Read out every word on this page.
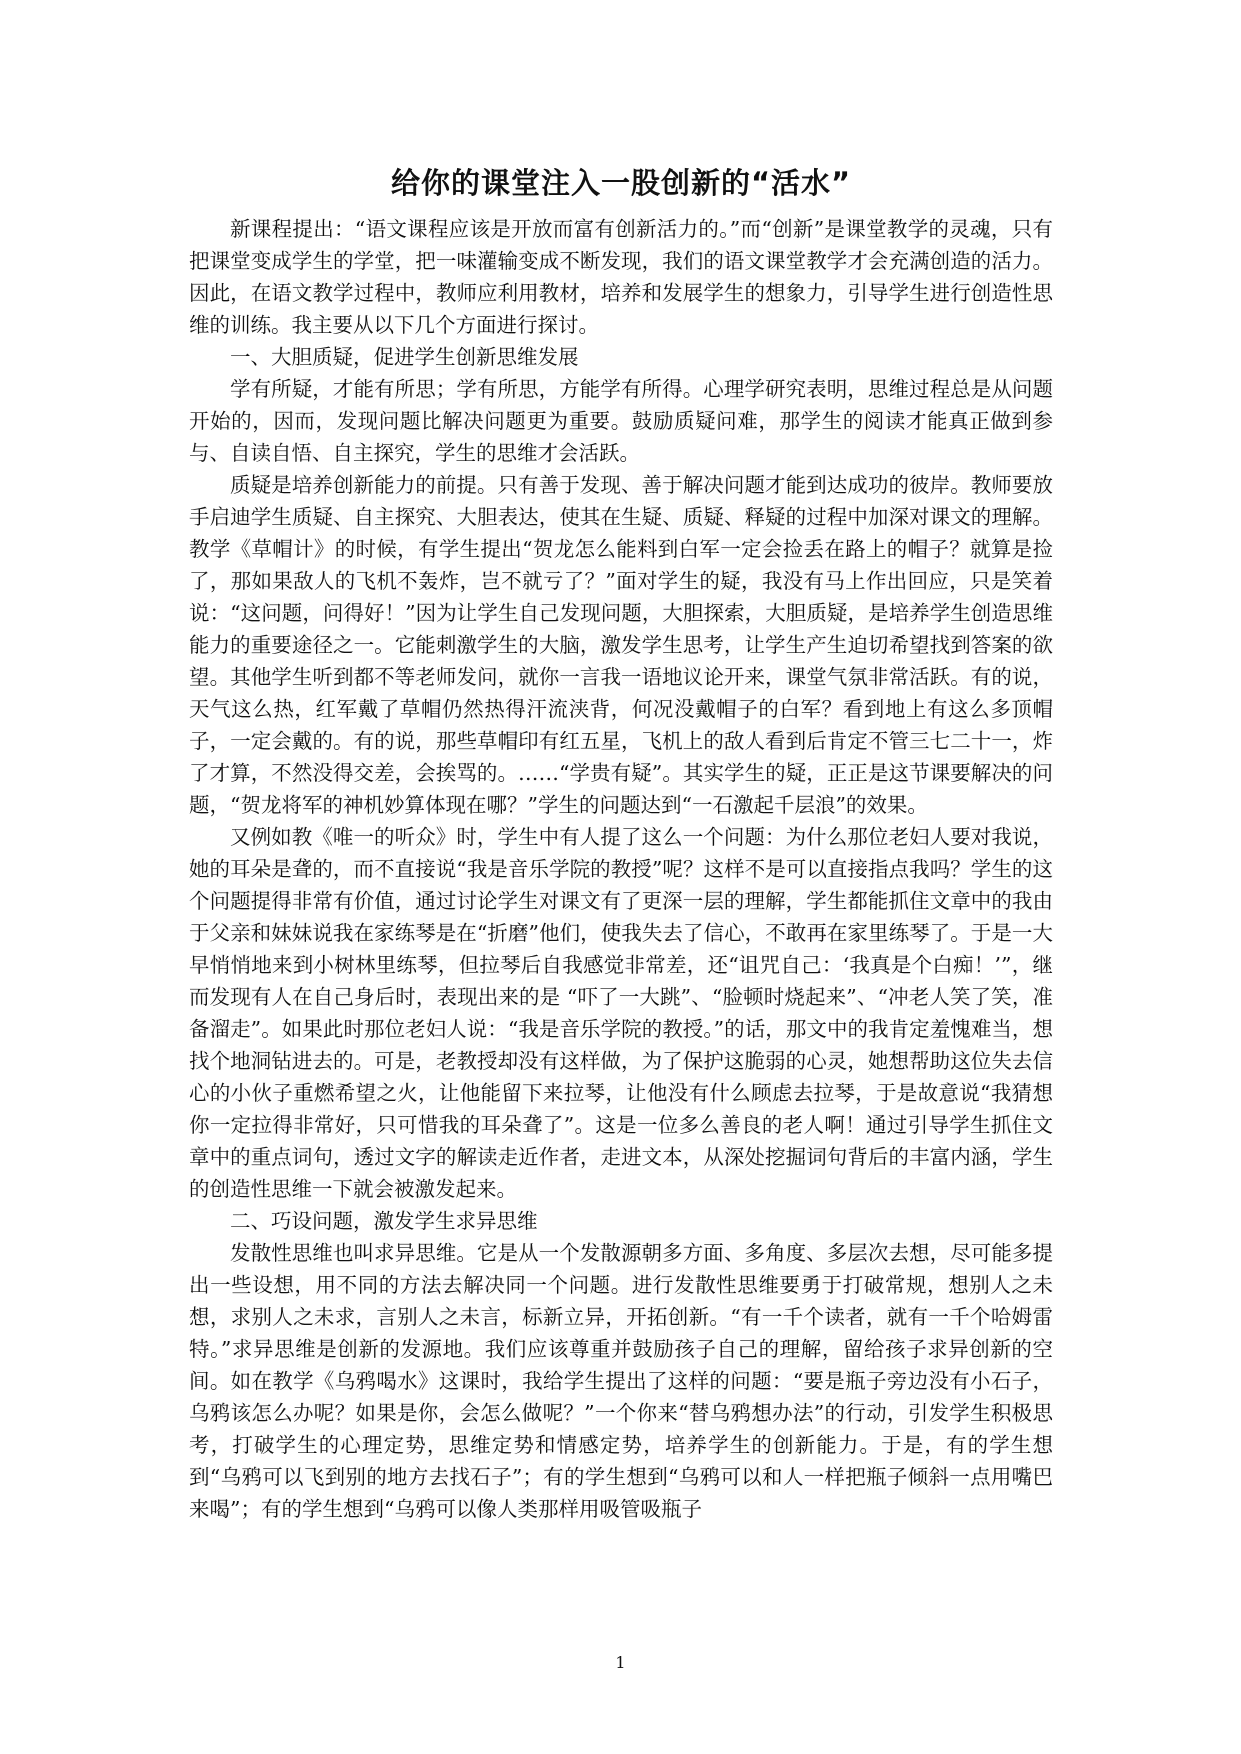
给你的课堂注入一股创新的“活水”

新课程提出：“语文课程应该是开放而富有创新活力的。”而“创新”是课堂教学的灵魂，只有把课堂变成学生的学堂，把一味灌输变成不断发现，我们的语文课堂教学才会充满创造的活力。因此，在语文教学过程中，教师应利用教材，培养和发展学生的想象力，引导学生进行创造性思维的训练。我主要从以下几个方面进行探讨。

一、大胆质疑，促进学生创新思维发展

学有所疑，才能有所思；学有所思，方能学有所得。心理学研究表明，思维过程总是从问题开始的，因而，发现问题比解决问题更为重要。鼓励质疑问难，那学生的阅读才能真正做到参与、自读自悟、自主探究，学生的思维才会活跃。

质疑是培养创新能力的前提。只有善于发现、善于解决问题才能到达成功的彼岸。教师要放手启迪学生质疑、自主探究、大胆表达，使其在生疑、质疑、释疑的过程中加深对课文的理解。教学《草帽计》的时候，有学生提出“贺龙怎么能料到白军一定会捡丢在路上的帽子？就算是捡了，那如果敌人的飞机不轰炸，岂不就亏了？”面对学生的疑，我没有马上作出回应，只是笑着说：“这问题，问得好！”因为让学生自己发现问题，大胆探索，大胆质疑，是培养学生创造思维能力的重要途径之一。它能刺激学生的大脑，激发学生思考，让学生产生迫切希望找到答案的欲望。其他学生听到都不等老师发问，就你一言我一语地议论开来，课堂气氛非常活跃。有的说，天气这么热，红军戴了草帽仍然热得汗流浃背，何况没戴帽子的白军？看到地上有这么多顶帽子，一定会戴的。有的说，那些草帽印有红五星，飞机上的敌人看到后肯定不管三七二十一，炸了才算，不然没得交差，会挨骂的。……“学贵有疑”。其实学生的疑，正正是这节课要解决的问题，“贺龙将军的神机妙算体现在哪？”学生的问题达到“一石激起千层浪”的效果。

又例如教《唯一的听众》时，学生中有人提了这么一个问题：为什么那位老妇人要对我说，她的耳朵是聋的，而不直接说“我是音乐学院的教授”呢？这样不是可以直接指点我吗？学生的这个问题提得非常有价值，通过讨论学生对课文有了更深一层的理解，学生都能抓住文章中的我由于父亲和妹妹说我在家练琴是在“折磨”他们，使我失去了信心，不敢再在家里练琴了。于是一大早悄悄地来到小树林里练琴，但拉琴后自我感觉非常差，还“诅咒自己：‘我真是个白痴！’”，继而发现有人在自己身后时，表现出来的是 “吓了一大跳”、“脸顿时烧起来”、“冲老人笑了笑，准备溜走”。如果此时那位老妇人说：“我是音乐学院的教授。”的话，那文中的我肯定羞愧难当，想找个地洞钻进去的。可是，老教授却没有这样做，为了保护这脆弱的心灵，她想帮助这位失去信心的小伙子重燃希望之火，让他能留下来拉琴，让他没有什么顾虑去拉琴，于是故意说“我猜想你一定拉得非常好，只可惜我的耳朵聋了”。这是一位多么善良的老人啊！通过引导学生抓住文章中的重点词句，透过文字的解读走近作者，走进文本，从深处挖掘词句背后的丰富内涵，学生的创造性思维一下就会被激发起来。

二、巧设问题，激发学生求异思维

发散性思维也叫求异思维。它是从一个发散源朝多方面、多角度、多层次去想，尽可能多提出一些设想，用不同的方法去解决同一个问题。进行发散性思维要勇于打破常规，想别人之未想，求别人之未求，言别人之未言，标新立异，开拓创新。“有一千个读者，就有一千个哈姆雷特。”求异思维是创新的发源地。我们应该尊重并鼓励孩子自己的理解，留给孩子求异创新的空间。如在教学《乌鸦喝水》这课时，我给学生提出了这样的问题：“要是瓶子旁边没有小石子，乌鸦该怎么办呢？如果是你，会怎么做呢？”一个你来“替乌鸦想办法”的行动，引发学生积极思考，打破学生的心理定势，思维定势和情感定势，培养学生的创新能力。于是，有的学生想到“乌鸦可以飞到别的地方去找石子”；有的学生想到“乌鸦可以和人一样把瓶子倾斜一点用嘴巴来喝”；有的学生想到“乌鸦可以像人类那样用吸管吸瓶子

1
